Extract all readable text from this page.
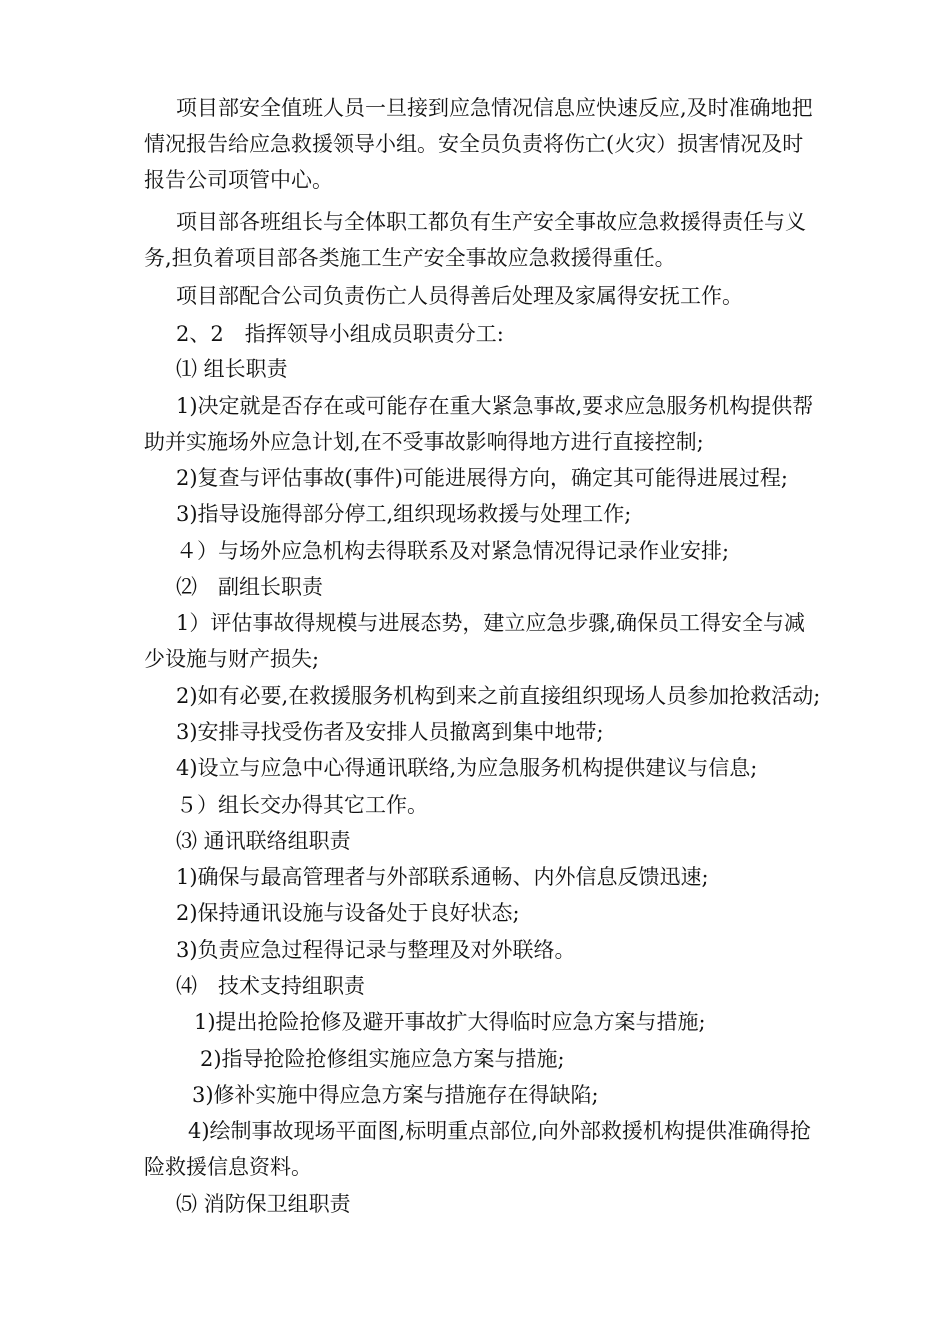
项目部安全值班人员一旦接到应急情况信息应快速反应,及时准确地把

情况报告给应急救援领导小组。安全员负责将伤亡(火灾）损害情况及时

报告公司项管中心。

项目部各班组长与全体职工都负有生产安全事故应急救援得责任与义

务,担负着项目部各类施工生产安全事故应急救援得重任。

项目部配合公司负责伤亡人员得善后处理及家属得安抚工作。

2、2　指挥领导小组成员职责分工:

⑴ 组长职责

1)决定就是否存在或可能存在重大紧急事故,要求应急服务机构提供帮

助并实施场外应急计划,在不受事故影响得地方进行直接控制;

2)复查与评估事故(事件)可能进展得方向，确定其可能得进展过程;

3)指导设施得部分停工,组织现场救援与处理工作;

４）与场外应急机构去得联系及对紧急情况得记录作业安排;

⑵　副组长职责

1）评估事故得规模与进展态势，建立应急步骤,确保员工得安全与减

少设施与财产损失;

2)如有必要,在救援服务机构到来之前直接组织现场人员参加抢救活动;

3)安排寻找受伤者及安排人员撤离到集中地带;

4)设立与应急中心得通讯联络,为应急服务机构提供建议与信息;

５）组长交办得其它工作。

⑶ 通讯联络组职责

1)确保与最高管理者与外部联系通畅、内外信息反馈迅速;

2)保持通讯设施与设备处于良好状态;

3)负责应急过程得记录与整理及对外联络。

⑷　技术支持组职责

1)提出抢险抢修及避开事故扩大得临时应急方案与措施;

2)指导抢险抢修组实施应急方案与措施;

3)修补实施中得应急方案与措施存在得缺陷;

4)绘制事故现场平面图,标明重点部位,向外部救援机构提供准确得抢

险救援信息资料。

⑸ 消防保卫组职责
